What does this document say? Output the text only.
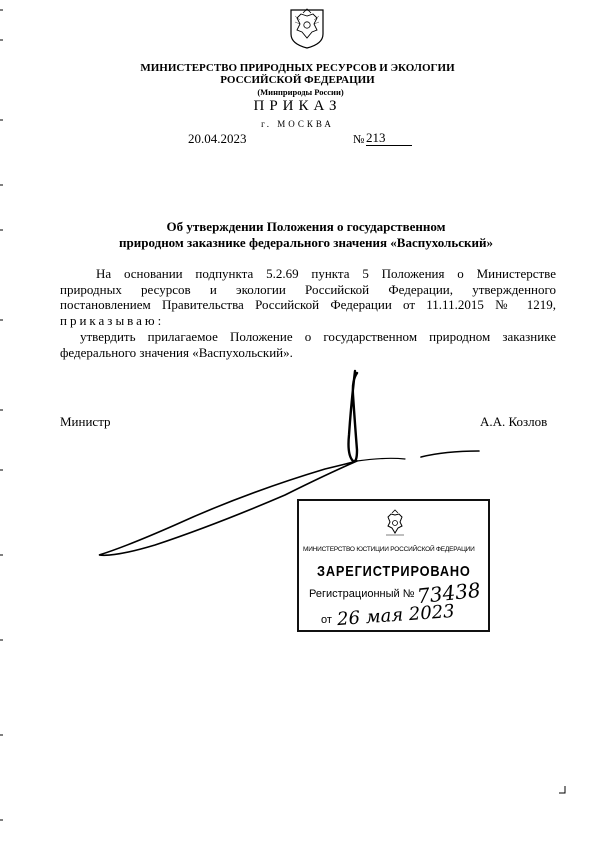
МИНИСТЕРСТВО ПРИРОДНЫХ РЕСУРСОВ И ЭКОЛОГИИ
РОССИЙСКОЙ ФЕДЕРАЦИИ
(Минприроды России)
ПРИКАЗ
г. МОСКВА
20.04.2023	№ 213
Об утверждении Положения о государственном
природном заказнике федерального значения «Васпухольский»
На основании подпункта 5.2.69 пункта 5 Положения о Министерстве
природных ресурсов и экологии Российской Федерации, утвержденного
постановлением Правительства Российской Федерации от 11.11.2015 № 1219,
приказываю:
утвердить прилагаемое Положение о государственном природном заказнике
федерального значения «Васпухольский».
Министр	А.А. Козлов
МИНИСТЕРСТВО ЮСТИЦИИ РОССИЙСКОЙ ФЕДЕРАЦИИ
ЗАРЕГИСТРИРОВАНО
Регистрационный № 73438
от 26 мая 2023
